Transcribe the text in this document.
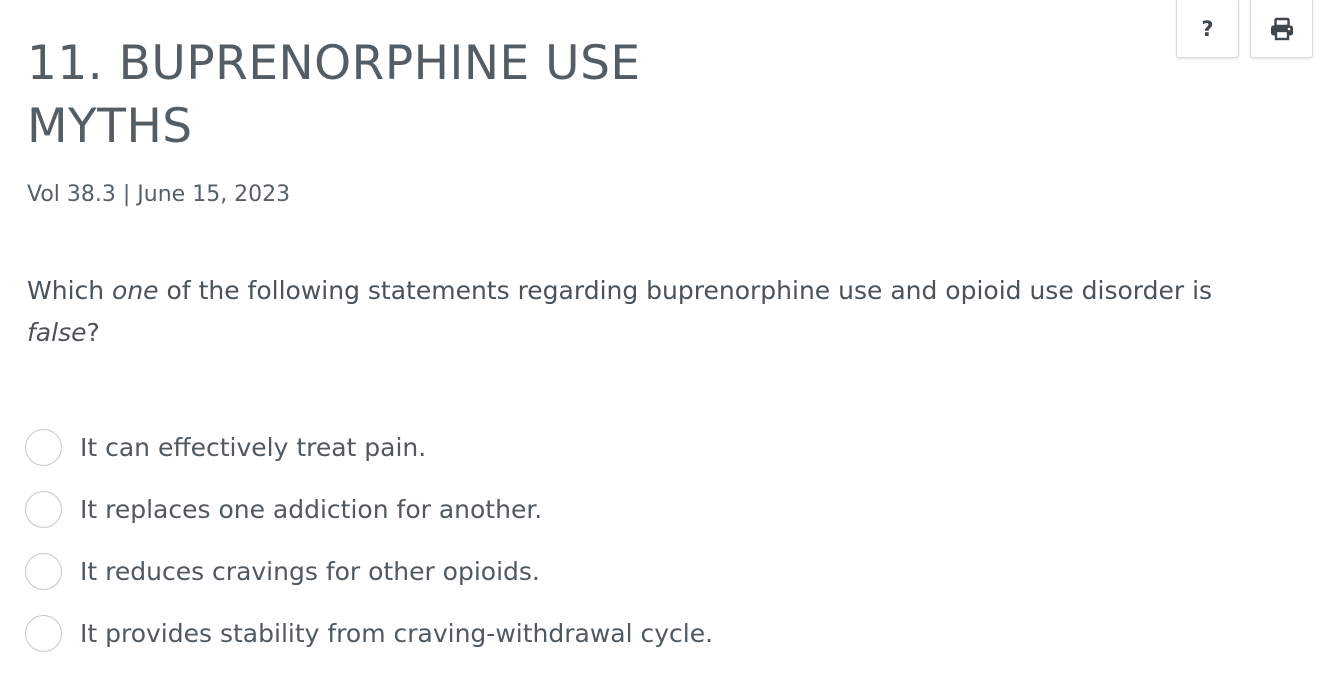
?
11. BUPRENORPHINE USE MYTHS
Vol 38.3 | June 15, 2023

Which one of the following statements regarding buprenorphine use and opioid use disorder is false?

It can effectively treat pain.
It replaces one addiction for another.
It reduces cravings for other opioids.
It provides stability from craving-withdrawal cycle.
